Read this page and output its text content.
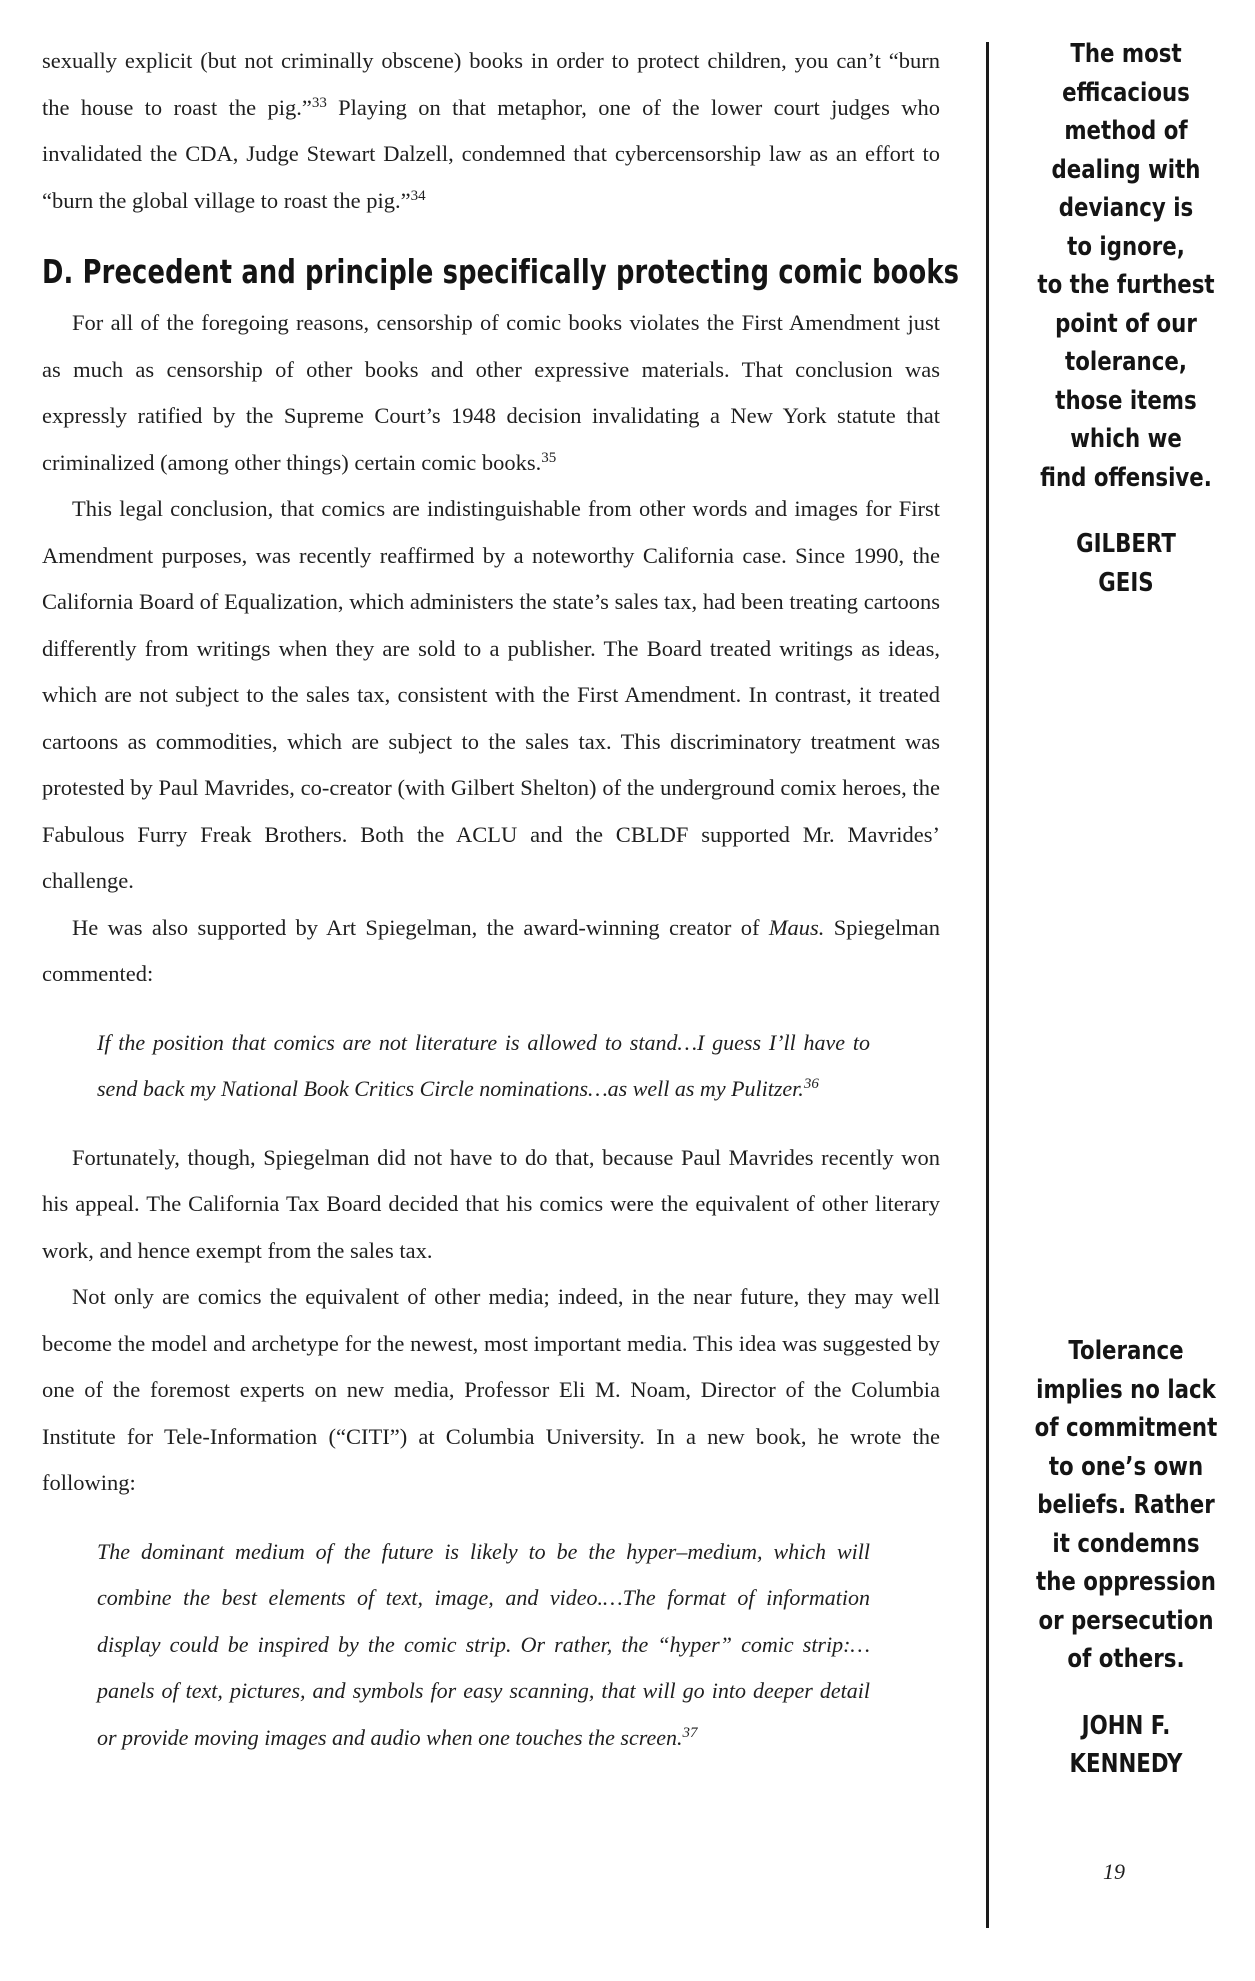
sexually explicit (but not criminally obscene) books in order to protect children, you can’t “burn the house to roast the pig.”$^{33}$ Playing on that metaphor, one of the lower court judges who invalidated the CDA, Judge Stewart Dalzell, condemned that cybercensorship law as an effort to “burn the global village to roast the pig.”$^{34}$

D. Precedent and principle specifically protecting comic books

For all of the foregoing reasons, censorship of comic books violates the First Amendment just as much as censorship of other books and other expressive materials. That conclusion was expressly ratified by the Supreme Court’s 1948 decision invalidating a New York statute that criminalized (among other things) certain comic books.$^{35}$

This legal conclusion, that comics are indistinguishable from other words and images for First Amendment purposes, was recently reaffirmed by a noteworthy California case. Since 1990, the California Board of Equalization, which administers the state’s sales tax, had been treating cartoons differently from writings when they are sold to a publisher. The Board treated writings as ideas, which are not subject to the sales tax, consistent with the First Amendment. In contrast, it treated cartoons as commodities, which are subject to the sales tax. This discriminatory treatment was protested by Paul Mavrides, co-creator (with Gilbert Shelton) of the underground comix heroes, the Fabulous Furry Freak Brothers. Both the ACLU and the CBLDF supported Mr. Mavrides’ challenge.

He was also supported by Art Spiegelman, the award-winning creator of Maus. Spiegelman commented:

If the position that comics are not literature is allowed to stand…I guess I’ll have to send back my National Book Critics Circle nominations…as well as my Pulitzer.$^{36}$

Fortunately, though, Spiegelman did not have to do that, because Paul Mavrides recently won his appeal. The California Tax Board decided that his comics were the equivalent of other literary work, and hence exempt from the sales tax.

Not only are comics the equivalent of other media; indeed, in the near future, they may well become the model and archetype for the newest, most important media. This idea was suggested by one of the foremost experts on new media, Professor Eli M. Noam, Director of the Columbia Institute for Tele-Information (“CITI”) at Columbia University. In a new book, he wrote the following:

The dominant medium of the future is likely to be the hyper–medium, which will combine the best elements of text, image, and video.…The format of information display could be inspired by the comic strip. Or rather, the “hyper” comic strip:…panels of text, pictures, and symbols for easy scanning, that will go into deeper detail or provide moving images and audio when one touches the screen.$^{37}$
The most
efficacious
method of
dealing with
deviancy is
to ignore,
to the furthest
point of our
tolerance,
those items
which we
find offensive.
GILBERT
GEIS
Tolerance
implies no lack
of commitment
to one’s own
beliefs. Rather
it condemns
the oppression
or persecution
of others.
JOHN F.
KENNEDY
19
